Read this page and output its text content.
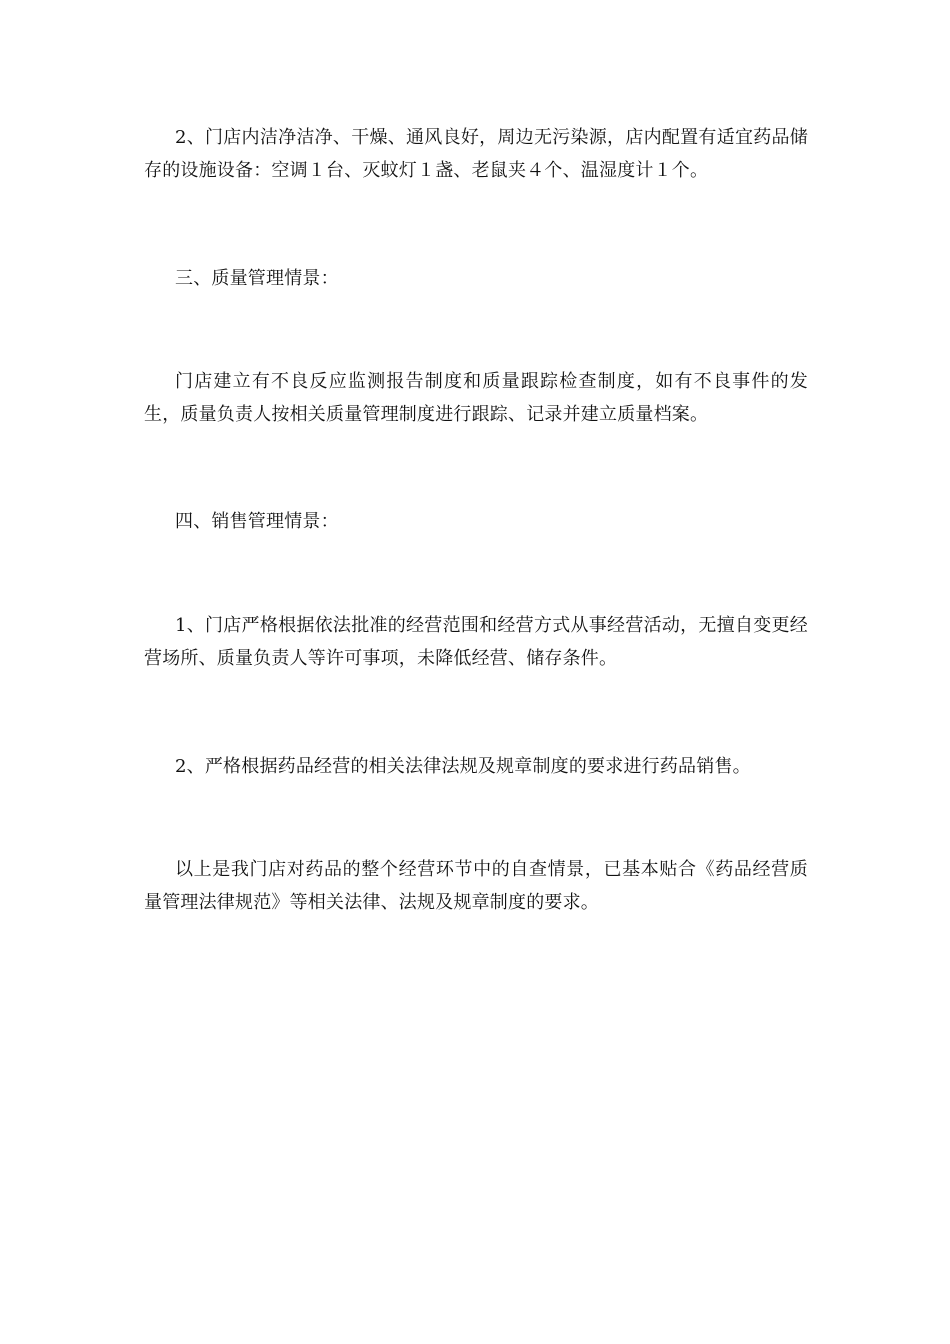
2、门店内洁净洁净、干燥、通风良好，周边无污染源，店内配置有适宜药品储存的设施设备：空调１台、灭蚊灯１盏、老鼠夹４个、温湿度计１个。

三、质量管理情景：

门店建立有不良反应监测报告制度和质量跟踪检查制度，如有不良事件的发生，质量负责人按相关质量管理制度进行跟踪、记录并建立质量档案。

四、销售管理情景：

1、门店严格根据依法批准的经营范围和经营方式从事经营活动，无擅自变更经营场所、质量负责人等许可事项，未降低经营、储存条件。

2、严格根据药品经营的相关法律法规及规章制度的要求进行药品销售。

以上是我门店对药品的整个经营环节中的自查情景，已基本贴合《药品经营质量管理法律规范》等相关法律、法规及规章制度的要求。
